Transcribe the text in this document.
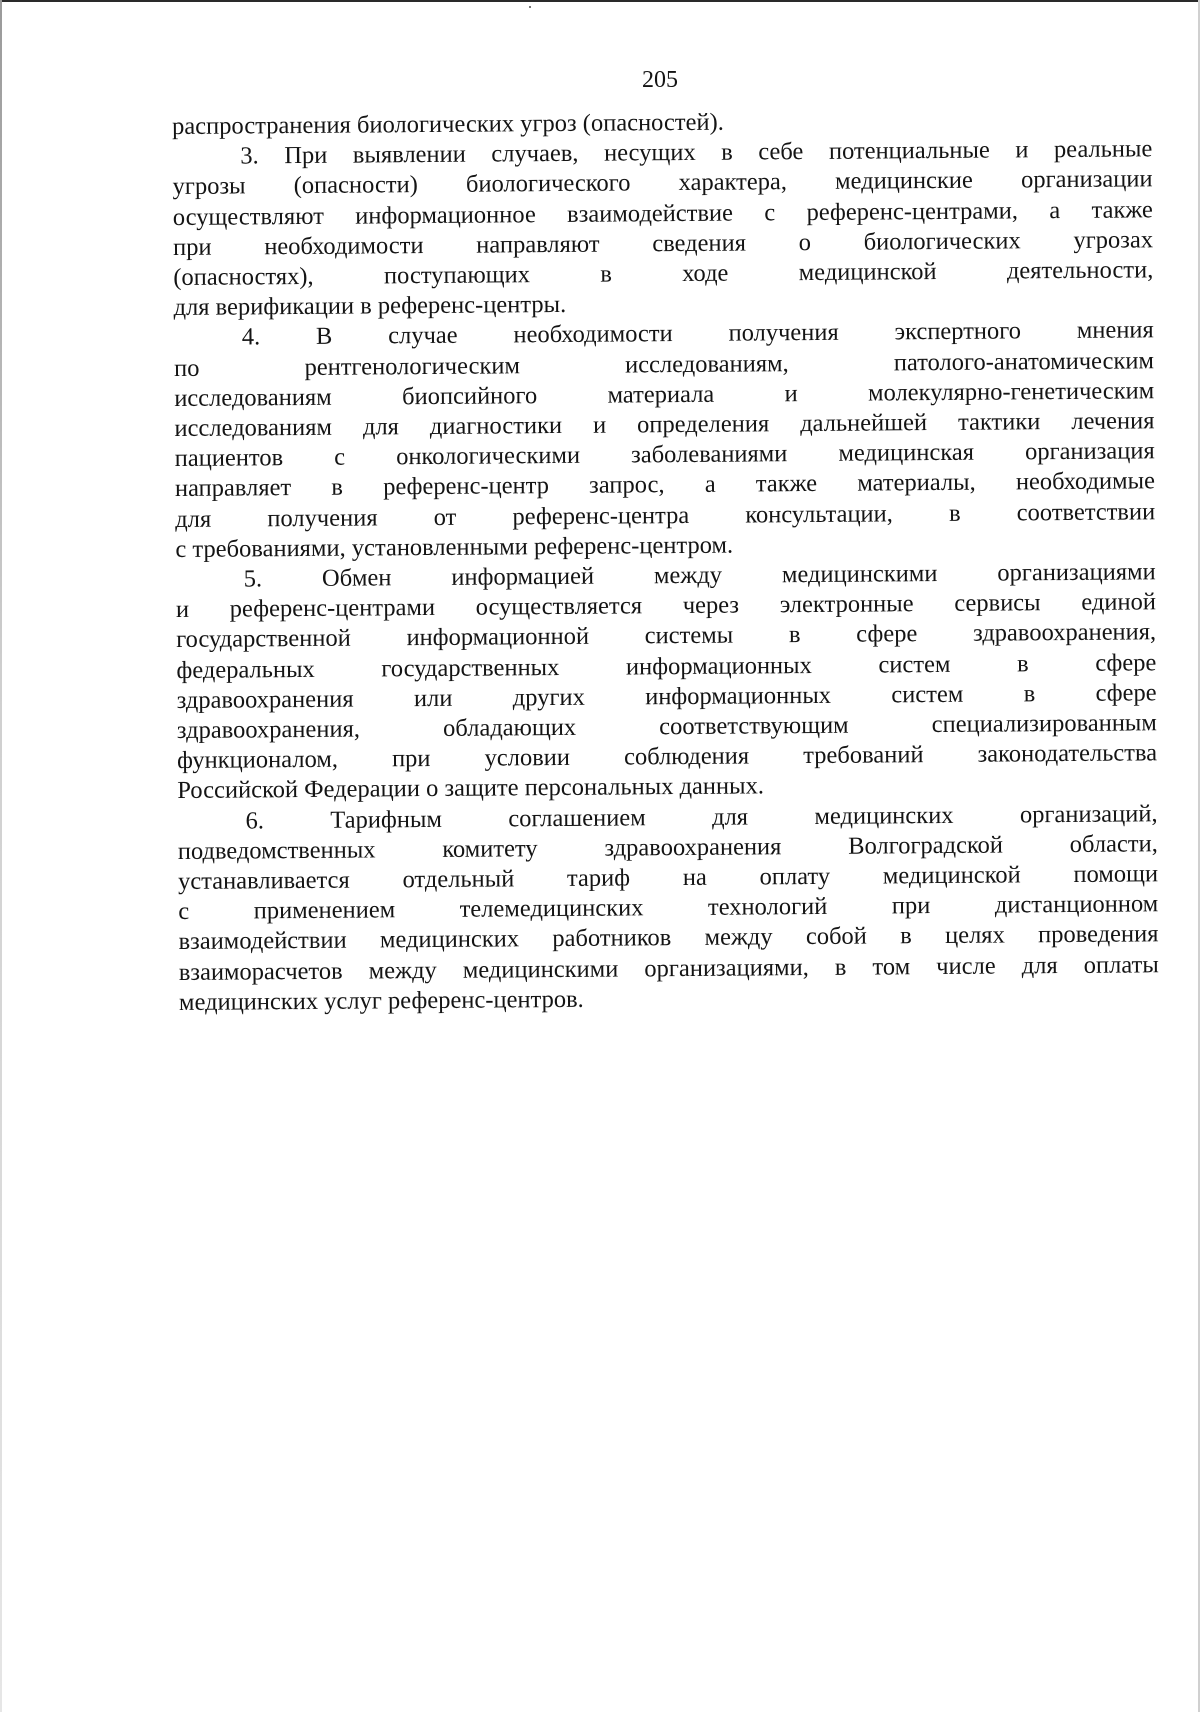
205
распространения биологических угроз (опасностей).
3. При выявлении случаев, несущих в себе потенциальные и реальные
угрозы (опасности) биологического характера, медицинские организации
осуществляют информационное взаимодействие с референс-центрами, а также
при необходимости направляют сведения о биологических угрозах
(опасностях), поступающих в ходе медицинской деятельности,
для верификации в референс-центры.
4. В случае необходимости получения экспертного мнения
по рентгенологическим исследованиям, патолого-анатомическим
исследованиям биопсийного материала и молекулярно-генетическим
исследованиям для диагностики и определения дальнейшей тактики лечения
пациентов с онкологическими заболеваниями медицинская организация
направляет в референс-центр запрос, а также материалы, необходимые
для получения от референс-центра консультации, в соответствии
с требованиями, установленными референс-центром.
5. Обмен информацией между медицинскими организациями
и референс-центрами осуществляется через электронные сервисы единой
государственной информационной системы в сфере здравоохранения,
федеральных государственных информационных систем в сфере
здравоохранения или других информационных систем в сфере
здравоохранения, обладающих соответствующим специализированным
функционалом, при условии соблюдения требований законодательства
Российской Федерации о защите персональных данных.
6. Тарифным соглашением для медицинских организаций,
подведомственных комитету здравоохранения Волгоградской области,
устанавливается отдельный тариф на оплату медицинской помощи
с применением телемедицинских технологий при дистанционном
взаимодействии медицинских работников между собой в целях проведения
взаиморасчетов между медицинскими организациями, в том числе для оплаты
медицинских услуг референс-центров.
